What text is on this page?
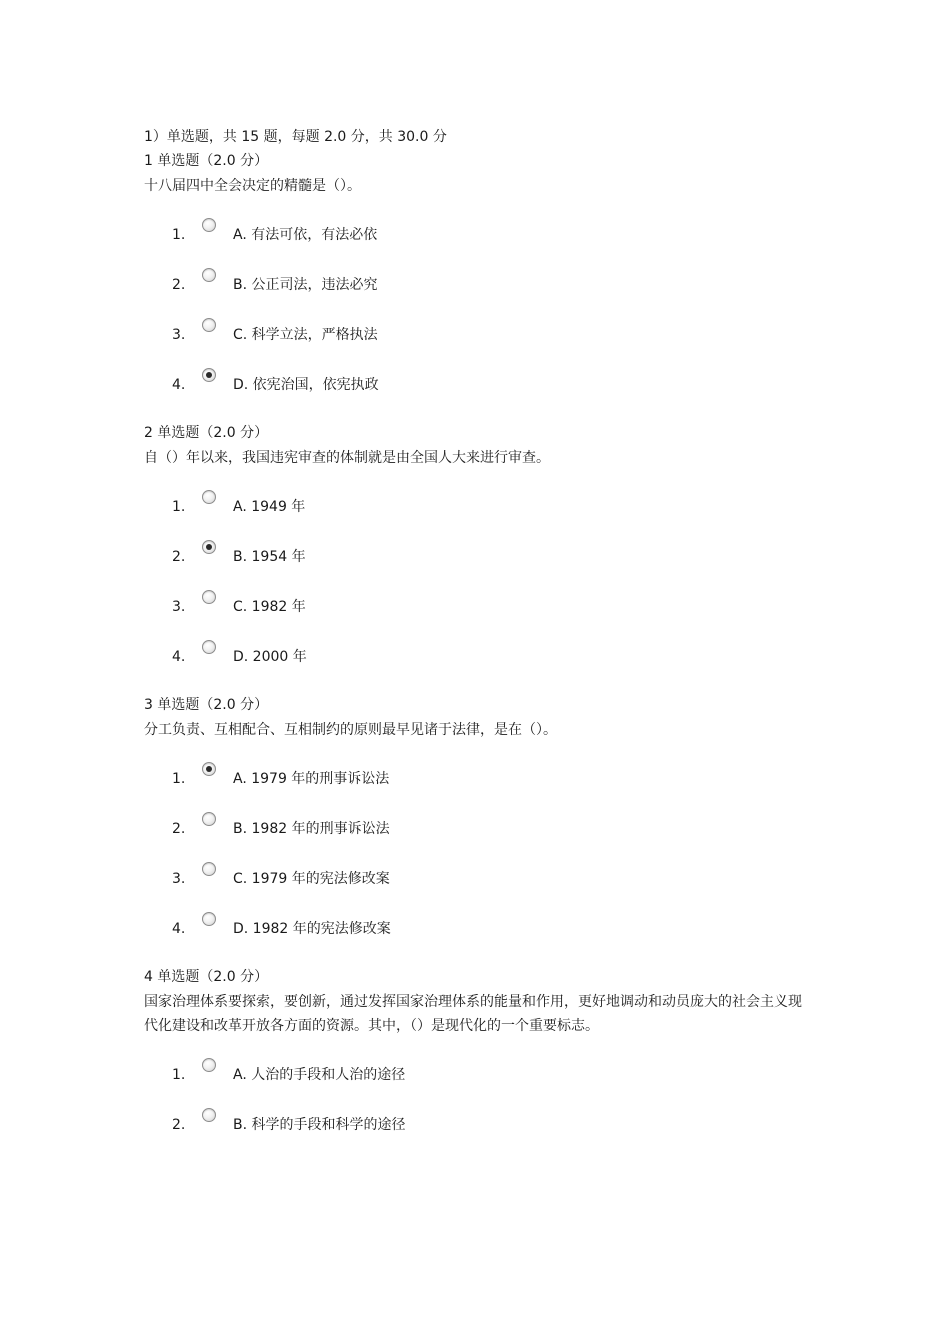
1）单选题，共 15 题，每题 2.0 分，共 30.0 分
1 单选题（2.0 分）
十八届四中全会决定的精髓是（）。
1.	A. 有法可依，有法必依
2.	B. 公正司法，违法必究
3.	C. 科学立法，严格执法
4.	D. 依宪治国，依宪执政
2 单选题（2.0 分）
自（）年以来，我国违宪审查的体制就是由全国人大来进行审查。
1.	A. 1949 年
2.	B. 1954 年
3.	C. 1982 年
4.	D. 2000 年
3 单选题（2.0 分）
分工负责、互相配合、互相制约的原则最早见诸于法律，是在（）。
1.	A. 1979 年的刑事诉讼法
2.	B. 1982 年的刑事诉讼法
3.	C. 1979 年的宪法修改案
4.	D. 1982 年的宪法修改案
4 单选题（2.0 分）
国家治理体系要探索，要创新，通过发挥国家治理体系的能量和作用，更好地调动和动员庞大的社会主义现代化建设和改革开放各方面的资源。其中，（）是现代化的一个重要标志。
1.	A. 人治的手段和人治的途径
2.	B. 科学的手段和科学的途径
